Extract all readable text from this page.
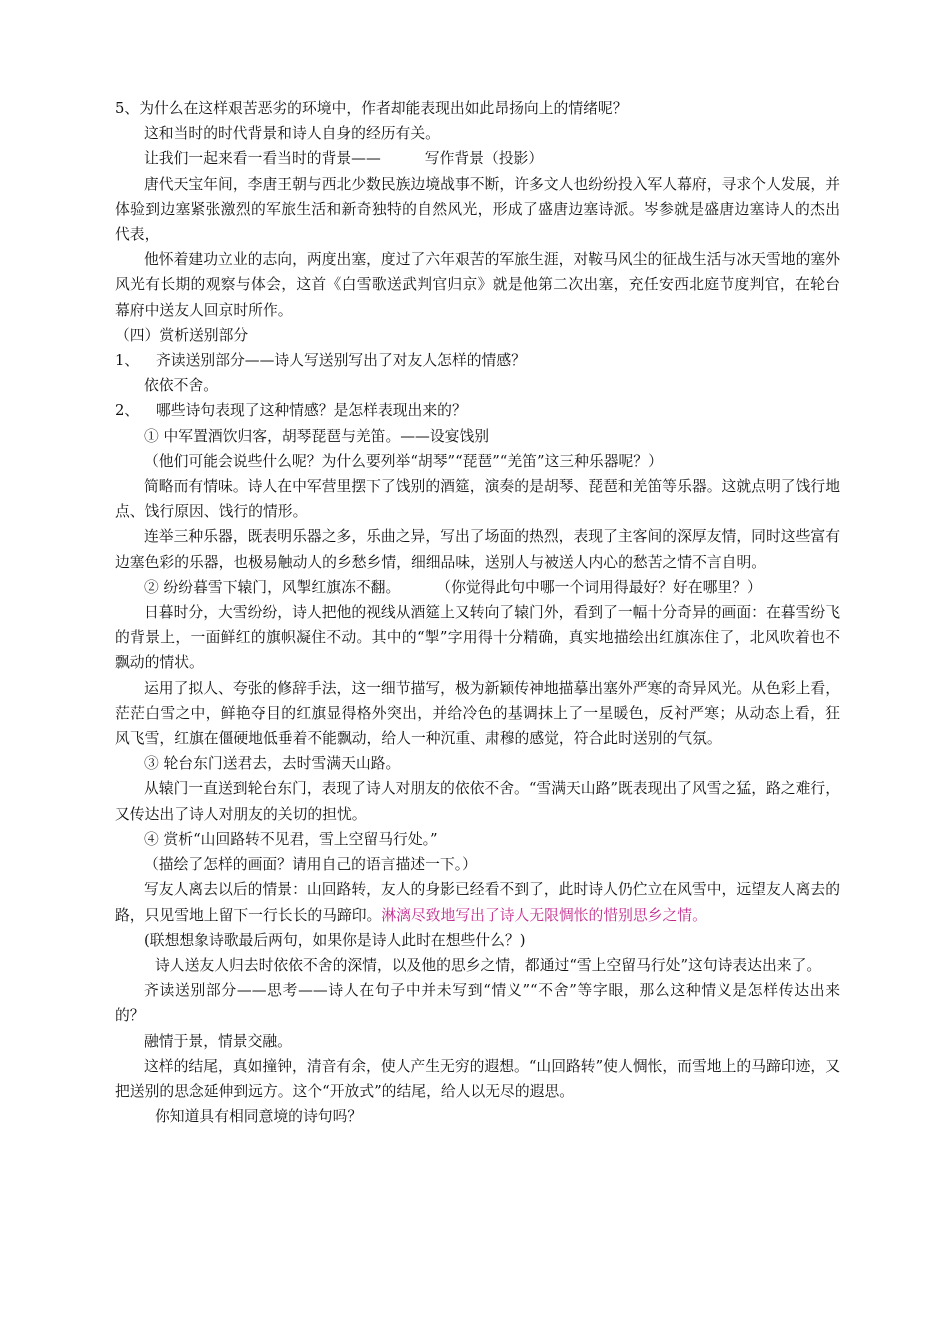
5、为什么在这样艰苦恶劣的环境中，作者却能表现出如此昂扬向上的情绪呢？

这和当时的时代背景和诗人自身的经历有关。

让我们一起来看一看当时的背景——	写作背景（投影）

唐代天宝年间，李唐王朝与西北少数民族边境战事不断，许多文人也纷纷投入军人幕府，寻求个人发展，并体验到边塞紧张激烈的军旅生活和新奇独特的自然风光，形成了盛唐边塞诗派。岑参就是盛唐边塞诗人的杰出代表，

他怀着建功立业的志向，两度出塞，度过了六年艰苦的军旅生涯，对鞍马风尘的征战生活与冰天雪地的塞外风光有长期的观察与体会，这首《白雪歌送武判官归京》就是他第二次出塞，充任安西北庭节度判官，在轮台幕府中送友人回京时所作。

（四）赏析送别部分

1、 齐读送别部分——诗人写送别写出了对友人怎样的情感？

依依不舍。

2、 哪些诗句表现了这种情感？是怎样表现出来的？

① 中军置酒饮归客，胡琴琵琶与羌笛。——设宴饯别

（他们可能会说些什么呢？为什么要列举“胡琴”“琵琶”“羌笛”这三种乐器呢？）

简略而有情味。诗人在中军营里摆下了饯别的酒筵，演奏的是胡琴、琵琶和羌笛等乐器。这就点明了饯行地点、饯行原因、饯行的情形。

连举三种乐器，既表明乐器之多，乐曲之异，写出了场面的热烈，表现了主客间的深厚友情，同时这些富有边塞色彩的乐器，也极易触动人的乡愁乡情，细细品味，送别人与被送人内心的愁苦之情不言自明。

② 纷纷暮雪下辕门，风掣红旗冻不翻。 （你觉得此句中哪一个词用得最好？好在哪里？）

日暮时分，大雪纷纷，诗人把他的视线从酒筵上又转向了辕门外，看到了一幅十分奇异的画面：在暮雪纷飞的背景上，一面鲜红的旗帜凝住不动。其中的“掣”字用得十分精确，真实地描绘出红旗冻住了，北风吹着也不飘动的情状。

运用了拟人、夸张的修辞手法，这一细节描写，极为新颖传神地描摹出塞外严寒的奇异风光。从色彩上看，茫茫白雪之中，鲜艳夺目的红旗显得格外突出，并给冷色的基调抹上了一星暖色，反衬严寒；从动态上看，狂风飞雪，红旗在僵硬地低垂着不能飘动，给人一种沉重、肃穆的感觉，符合此时送别的气氛。

③ 轮台东门送君去，去时雪满天山路。

从辕门一直送到轮台东门，表现了诗人对朋友的依依不舍。“雪满天山路”既表现出了风雪之猛，路之难行，又传达出了诗人对朋友的关切的担忧。

④ 赏析“山回路转不见君，雪上空留马行处。”

（描绘了怎样的画面？请用自己的语言描述一下。）

写友人离去以后的情景：山回路转，友人的身影已经看不到了，此时诗人仍伫立在风雪中，远望友人离去的路，只见雪地上留下一行长长的马蹄印。淋漓尽致地写出了诗人无限惆怅的惜别思乡之情。

(联想想象诗歌最后两句，如果你是诗人此时在想些什么？)

诗人送友人归去时依依不舍的深情，以及他的思乡之情，都通过“雪上空留马行处”这句诗表达出来了。

齐读送别部分——思考——诗人在句子中并未写到“情义”“不舍”等字眼，那么这种情义是怎样传达出来的？

融情于景，情景交融。

这样的结尾，真如撞钟，清音有余，使人产生无穷的遐想。“山回路转”使人惆怅，而雪地上的马蹄印迹，又把送别的思念延伸到远方。这个“开放式”的结尾，给人以无尽的遐思。

你知道具有相同意境的诗句吗？
